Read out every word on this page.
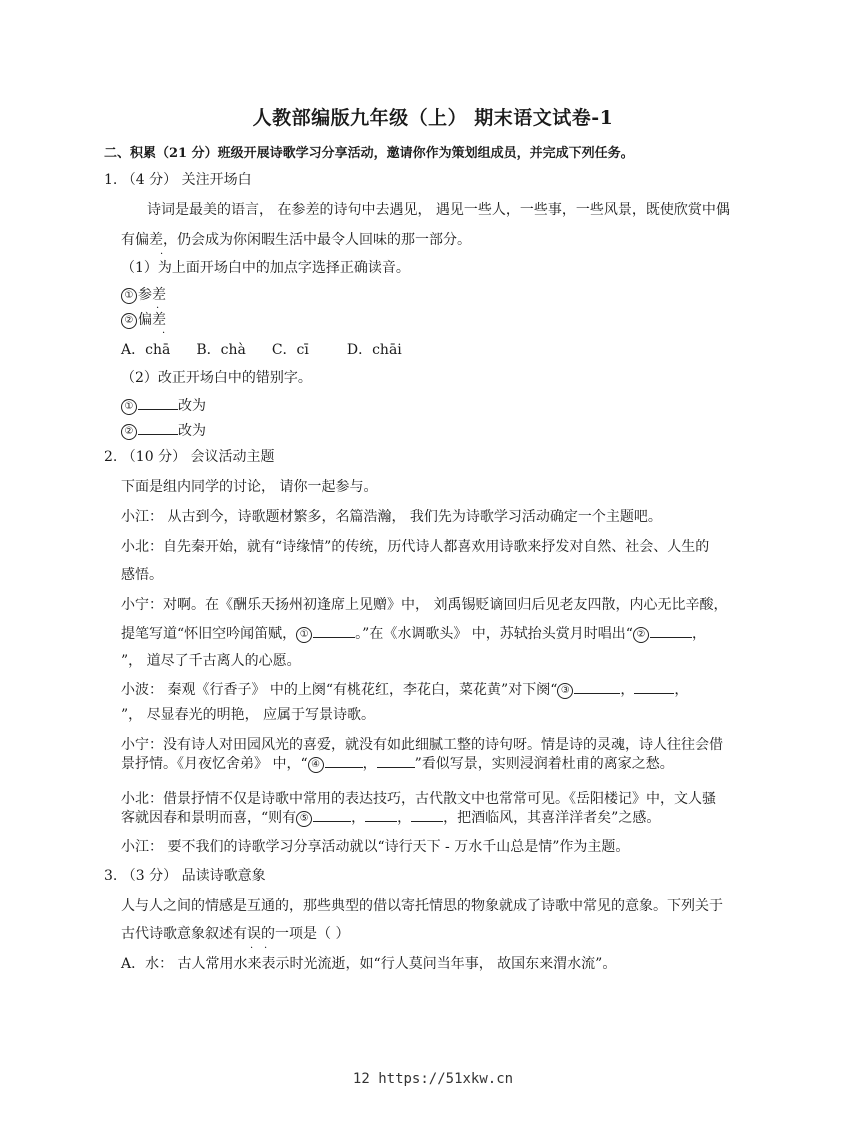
人教部编版九年级（上） 期末语文试卷-1
二、积累（21 分）班级开展诗歌学习分享活动，邀请你作为策划组成员，并完成下列任务。
1. （4 分） 关注开场白
诗词是最美的语言， 在参差的诗句中去遇见， 遇见一些人，一些事，一些风景，既使欣赏中偶
有偏差，仍会成为你闲暇生活中最令人回味的那一部分。
·
（1）为上面开场白中的加点字选择正确读音。
① 参差
·
② 偏差
·
A．chā B．chà C．cī	D．chāi
（2）改正开场白中的错别字。
①	改为
②	改为
2. （10 分） 会议活动主题
下面是组内同学的讨论， 请你一起参与。
小江： 从古到今，诗歌题材繁多，名篇浩瀚， 我们先为诗歌学习活动确定一个主题吧。
小北：自先秦开始，就有“诗缘情”的传统，历代诗人都喜欢用诗歌来抒发对自然、社会、人生的
感悟。
小宁：对啊。在《酬乐天扬州初逢席上见赠》中， 刘禹锡贬谪回归后见老友四散，内心无比辛酸，
提笔写道“怀旧空吟闻笛赋， ①	。”在《水调歌头》 中，苏轼抬头赏月时唱出“ ②	，
”， 道尽了千古离人的心愿。
小波： 秦观《行香子》 中的上阕“有桃花红，李花白，菜花黄”对下阕“ ③	，	，
”， 尽显春光的明艳， 应属于写景诗歌。
小宁：没有诗人对田园风光的喜爱，就没有如此细腻工整的诗句呀。情是诗的灵魂，诗人往往会借
景抒情。《月夜忆舍弟》 中，“ ④	，	”看似写景，实则浸润着杜甫的离家之愁。
小北：借景抒情不仅是诗歌中常用的表达技巧，古代散文中也常常可见。《岳阳楼记》中，文人骚
客就因春和景明而喜，“则有 ⑤	， ， ，把酒临风，其喜洋洋者矣”之感。
小江： 要不我们的诗歌学习分享活动就以“诗行天下 - 万水千山总是情”作为主题。
3. （3 分） 品读诗歌意象
人与人之间的情感是互通的，那些典型的借以寄托情思的物象就成了诗歌中常见的意象。下列关于
古代诗歌意象叙述有误的一项是（ ）
· ·
A．水： 古人常用水来表示时光流逝，如“行人莫问当年事， 故国东来渭水流”。
12 https://51xkw.cn
